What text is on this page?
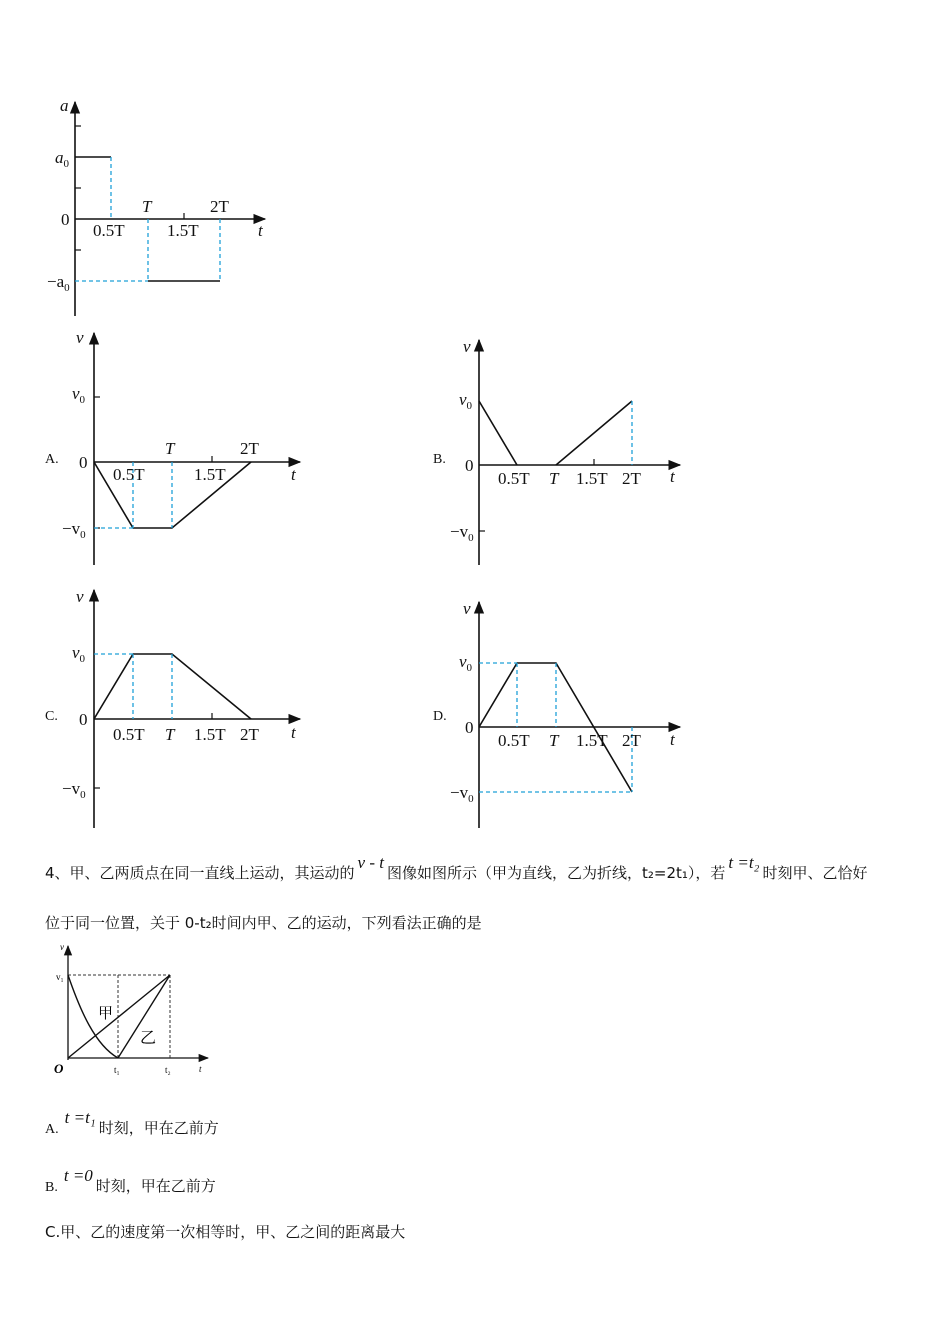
a
$a_0$
0
$-a_0$
t
0.5T
T
1.5T
2T
A.
v
$v_0$
0
$-v_0$
t
0.5T
T
1.5T
2T
B.
v
$v_0$
0
$-v_0$
t
0.5T T 1.5T 2T
C.
v
$v_0$
0
$-v_0$
t
0.5T T 1.5T 2T
D.
v
$v_0$
0
$-v_0$
t
0.5T T 1.5T 2T
v
v₁
O	t₁	t₂	t
甲
乙
4、甲、乙两质点在同一直线上运动，其运动的v - t图像如图所示（甲为直线，乙为折线，t₂=2t₁），若t =t₂时刻甲、乙恰好
位于同一位置，关于 0-t₂时间内甲、乙的运动，下列看法正确的是
A.t =t₁时刻，甲在乙前方
B.t =0时刻，甲在乙前方
C.甲、乙的速度第一次相等时，甲、乙之间的距离最大
